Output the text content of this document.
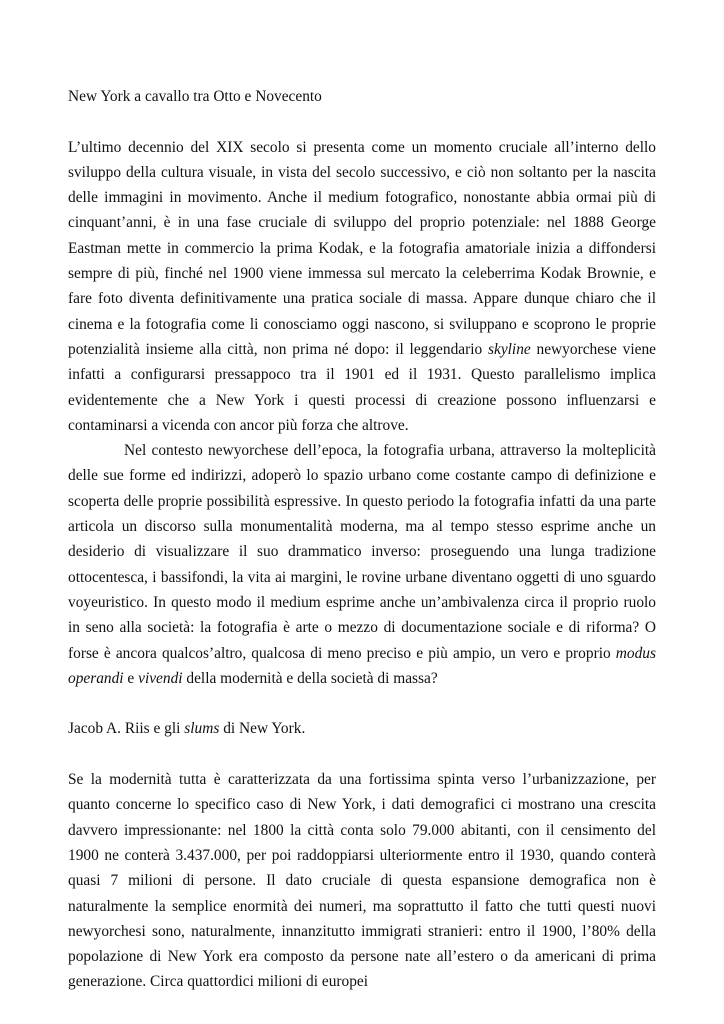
New York a cavallo tra Otto e Novecento

L’ultimo decennio del XIX secolo si presenta come un momento cruciale all’interno dello sviluppo della cultura visuale, in vista del secolo successivo, e ciò non soltanto per la nascita delle immagini in movimento. Anche il medium fotografico, nonostante abbia ormai più di cinquant’anni, è in una fase cruciale di sviluppo del proprio potenziale: nel 1888 George Eastman mette in commercio la prima Kodak, e la fotografia amatoriale inizia a diffondersi sempre di più, finché nel 1900 viene immessa sul mercato la celeberrima Kodak Brownie, e fare foto diventa definitivamente una pratica sociale di massa. Appare dunque chiaro che il cinema e la fotografia come li conosciamo oggi nascono, si sviluppano e scoprono le proprie potenzialità insieme alla città, non prima né dopo: il leggendario skyline newyorchese viene infatti a configurarsi pressappoco tra il 1901 ed il 1931. Questo parallelismo implica evidentemente che a New York i questi processi di creazione possono influenzarsi e contaminarsi a vicenda con ancor più forza che altrove.

Nel contesto newyorchese dell’epoca, la fotografia urbana, attraverso la molteplicità delle sue forme ed indirizzi, adoperò lo spazio urbano come costante campo di definizione e scoperta delle proprie possibilità espressive. In questo periodo la fotografia infatti da una parte articola un discorso sulla monumentalità moderna, ma al tempo stesso esprime anche un desiderio di visualizzare il suo drammatico inverso: proseguendo una lunga tradizione ottocentesca, i bassifondi, la vita ai margini, le rovine urbane diventano oggetti di uno sguardo voyeuristico. In questo modo il medium esprime anche un’ambivalenza circa il proprio ruolo in seno alla società: la fotografia è arte o mezzo di documentazione sociale e di riforma? O forse è ancora qualcos’altro, qualcosa di meno preciso e più ampio, un vero e proprio modus operandi e vivendi della modernità e della società di massa?

Jacob A. Riis e gli slums di New York.

Se la modernità tutta è caratterizzata da una fortissima spinta verso l’urbanizzazione, per quanto concerne lo specifico caso di New York, i dati demografici ci mostrano una crescita davvero impressionante: nel 1800 la città conta solo 79.000 abitanti, con il censimento del 1900 ne conterà 3.437.000, per poi raddoppiarsi ulteriormente entro il 1930, quando conterà quasi 7 milioni di persone. Il dato cruciale di questa espansione demografica non è naturalmente la semplice enormità dei numeri, ma soprattutto il fatto che tutti questi nuovi newyorchesi sono, naturalmente, innanzitutto immigrati stranieri: entro il 1900, l’80% della popolazione di New York era composto da persone nate all’estero o da americani di prima generazione. Circa quattordici milioni di europei
